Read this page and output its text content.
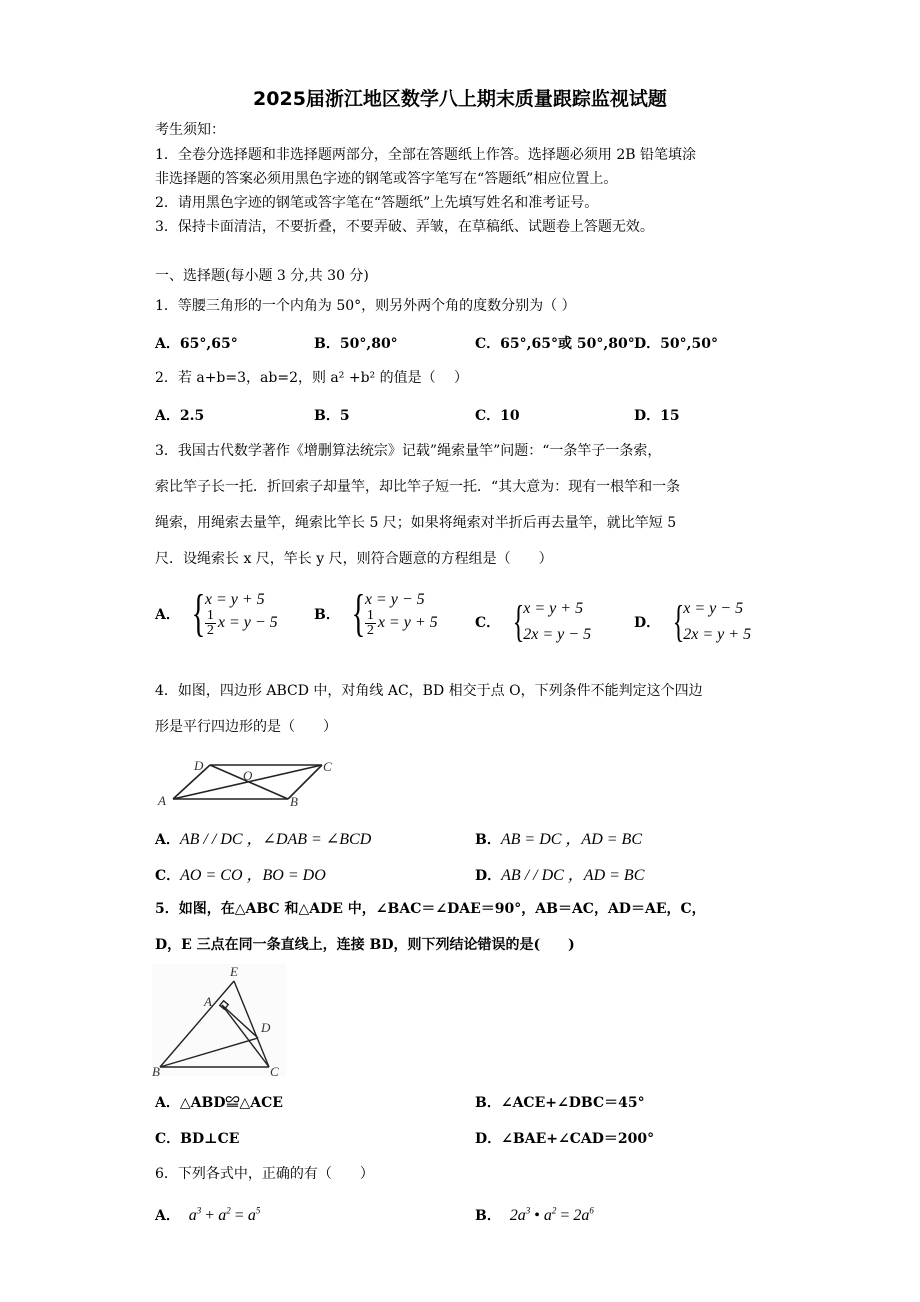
2025届浙江地区数学八上期末质量跟踪监视试题
考生须知：
1．全卷分选择题和非选择题两部分，全部在答题纸上作答。选择题必须用 2B 铅笔填涂
非选择题的答案必须用黑色字迹的钢笔或答字笔写在“答题纸”相应位置上。
2．请用黑色字迹的钢笔或答字笔在“答题纸”上先填写姓名和准考证号。
3．保持卡面清洁，不要折叠，不要弄破、弄皱，在草稿纸、试题卷上答题无效。
一、选择题(每小题 3 分,共 30 分)
1．等腰三角形的一个内角为 50°，则另外两个角的度数分别为（ ）
A．65°,65°	B．50°,80°	C．65°,65°或 50°,80° D．50°,50°
2．若 a+b=3，ab=2，则 a² +b² 的值是（　 ）
A．2.5	B．5	C．10	D．15
3．我国古代数学著作《增删算法统宗》记载”绳索量竿”问题：“一条竿子一条索，
索比竿子长一托．折回索子却量竿，却比竿子短一托．“其大意为：现有一根竿和一条
绳索，用绳索去量竿，绳索比竿长 5 尺；如果将绳索对半折后再去量竿，就比竿短 5
尺．设绳索长 x 尺，竿长 y 尺，则符合题意的方程组是（　　）
A． { x = y + 5
$\frac{1}{2}$ x = y − 5	B． { x = y − 5
$\frac{1}{2}$ x = y + 5	C． {
x = y + 5
2x = y − 5
D． {
x = y − 5
2x = y + 5
4．如图，四边形 ABCD 中，对角线 AC，BD 相交于点 O，下列条件不能判定这个四边
形是平行四边形的是（　　）
A	B
C
D
O
A．AB / / DC ，∠DAB = ∠BCD	B．AB = DC ，AD = BC
C．AO = CO ，BO = DO	D．AB / / DC ，AD = BC
5．如图，在△ABC 和△ADE 中，∠BAC＝∠DAE＝90°，AB＝AC，AD＝AE，C，
D，E 三点在同一条直线上，连接 BD，则下列结论错误的是(　　)
E
A
D
B	C
A．△ABD≌△ACE	B．∠ACE+∠DBC＝45°
C．BD⊥CE	D．∠BAE+∠CAD＝200°
6．下列各式中，正确的有（　　）
A． $a^3 + a^2 = a^5$	B． $2a^3$ • $a^2 = 2a^6$
